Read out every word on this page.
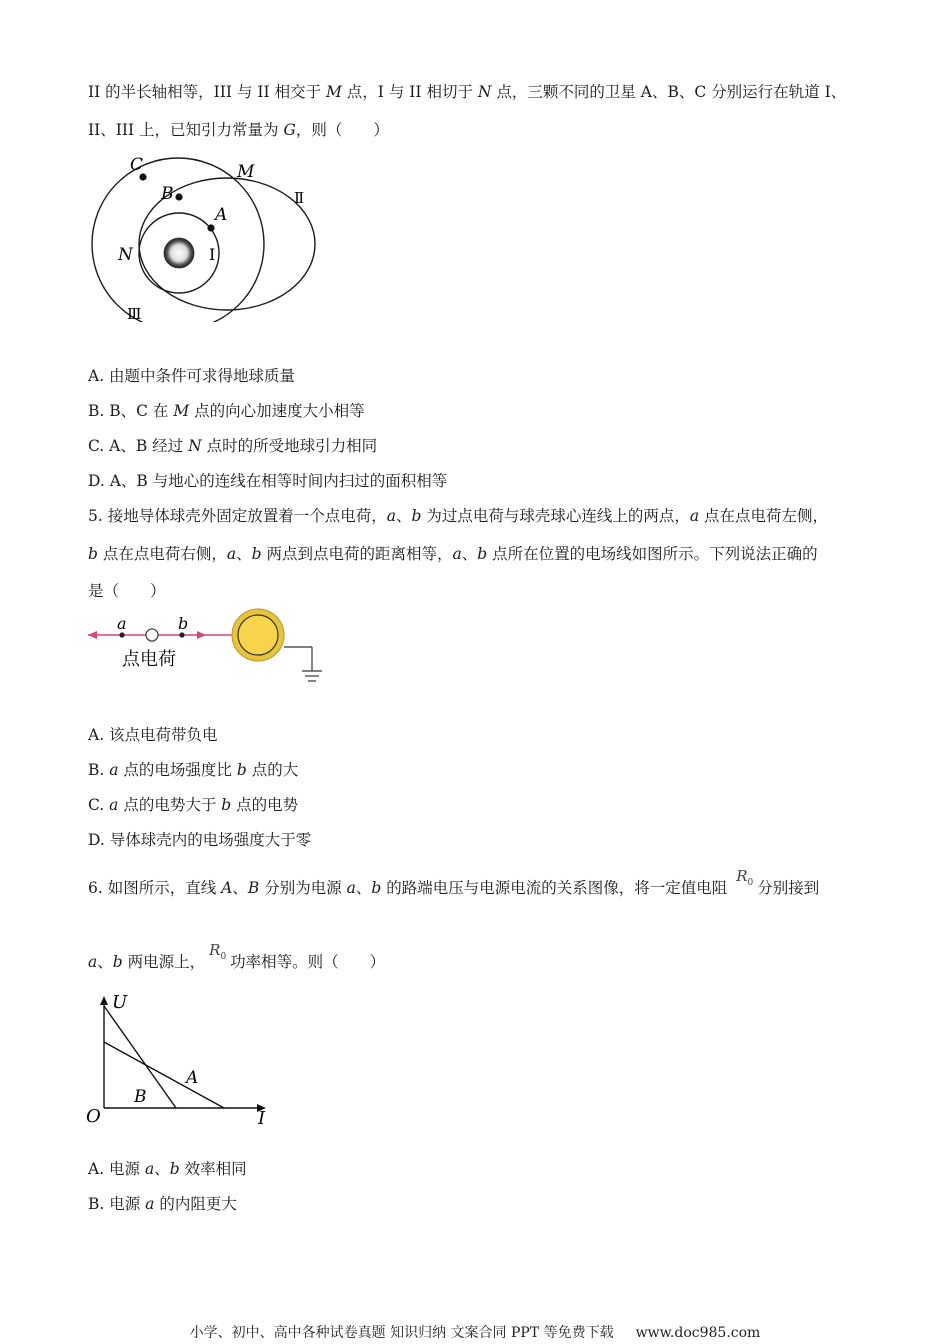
II 的半长轴相等，III 与 II 相交于 M 点，I 与 II 相切于 N 点，三颗不同的卫星 A、B、C 分别运行在轨道 I、
II、III 上，已知引力常量为 G，则（　　）
C	M
Ⅱ
B
A
N	I
Ⅲ
A. 由题中条件可求得地球质量
B. B、C 在 M 点的向心加速度大小相等
C. A、B 经过 N 点时的所受地球引力相同
D. A、B 与地心的连线在相等时间内扫过的面积相等
5. 接地导体球壳外固定放置着一个点电荷，a、b 为过点电荷与球壳球心连线上的两点，a 点在点电荷左侧，
b 点在点电荷右侧，a、b 两点到点电荷的距离相等，a、b 点所在位置的电场线如图所示。下列说法正确的
是（　　）
a	b
点电荷
A. 该点电荷带负电
B. a 点的电场强度比 b 点的大
C. a 点的电势大于 b 点的电势
D. 导体球壳内的电场强度大于零
6. 如图所示，直线 A、B 分别为电源 a、b 的路端电压与电源电流的关系图像，将一定值电阻 $R_0$ 分别接到
a、b 两电源上，$R_0$ 功率相等。则（　　）
U
O	I
A
B
A. 电源 a、b 效率相同
B. 电源 a 的内阻更大
小学、初中、高中各种试卷真题 知识归纳 文案合同 PPT 等免费下载 www.doc985.com
